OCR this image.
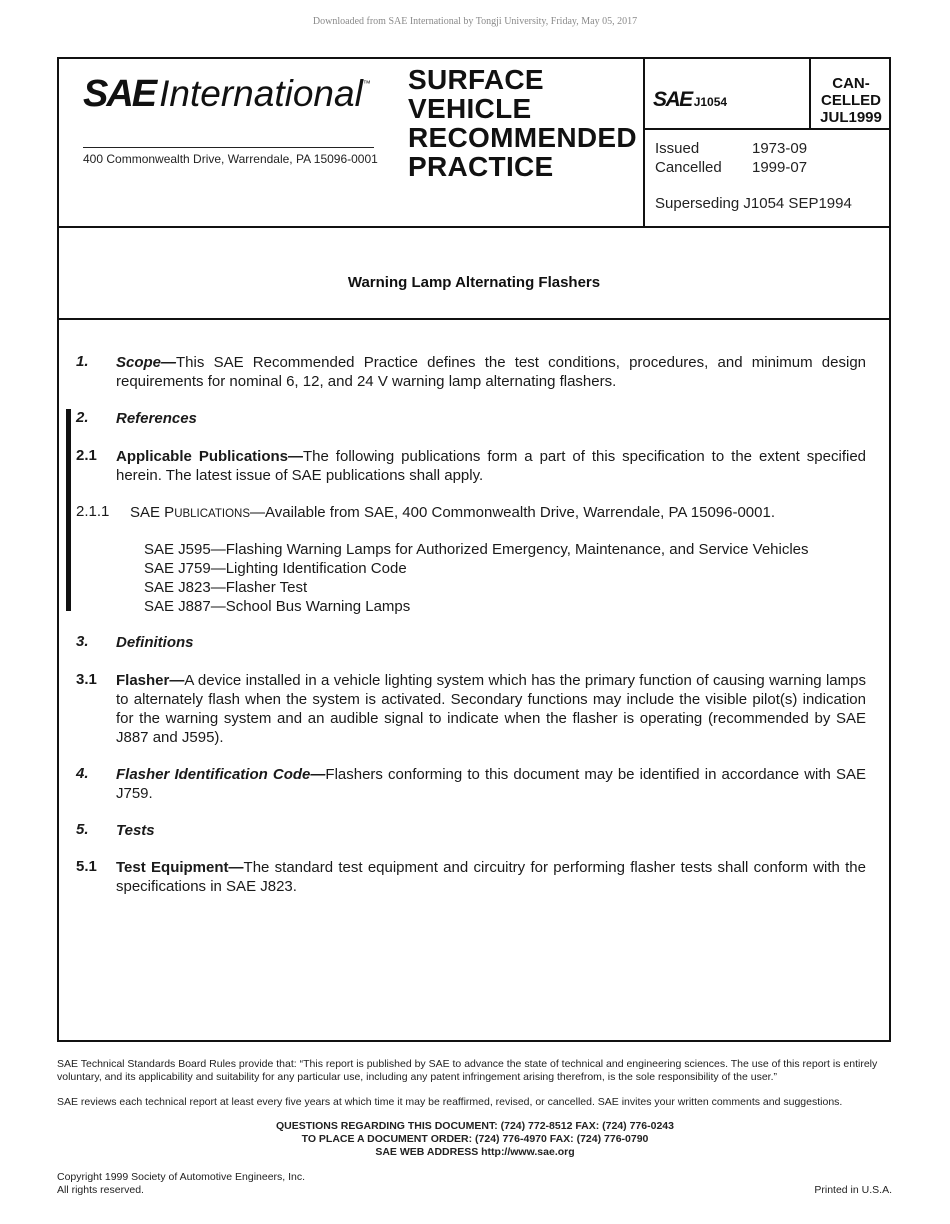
Downloaded from SAE International by Tongji University, Friday, May 05, 2017
SAE International™
400 Commonwealth Drive, Warrendale, PA 15096-0001
SURFACE
VEHICLE
RECOMMENDED
PRACTICE
SAE J1054
CAN-
CELLED
JUL1999
Issued	1973-09
Cancelled 1999-07
Superseding J1054 SEP1994
Warning Lamp Alternating Flashers
1. Scope—This SAE Recommended Practice defines the test conditions, procedures, and minimum design requirements for nominal 6, 12, and 24 V warning lamp alternating flashers.
2. References
2.1 Applicable Publications—The following publications form a part of this specification to the extent specified herein. The latest issue of SAE publications shall apply.
2.1.1 SAE PUBLICATIONS—Available from SAE, 400 Commonwealth Drive, Warrendale, PA 15096-0001.
SAE J595—Flashing Warning Lamps for Authorized Emergency, Maintenance, and Service Vehicles
SAE J759—Lighting Identification Code
SAE J823—Flasher Test
SAE J887—School Bus Warning Lamps
3. Definitions
3.1 Flasher—A device installed in a vehicle lighting system which has the primary function of causing warning lamps to alternately flash when the system is activated. Secondary functions may include the visible pilot(s) indication for the warning system and an audible signal to indicate when the flasher is operating (recommended by SAE J887 and J595).
4. Flasher Identification Code—Flashers conforming to this document may be identified in accordance with SAE J759.
5. Tests
5.1 Test Equipment—The standard test equipment and circuitry for performing flasher tests shall conform with the specifications in SAE J823.
SAE Technical Standards Board Rules provide that: “This report is published by SAE to advance the state of technical and engineering sciences. The use of this report is entirely voluntary, and its applicability and suitability for any particular use, including any patent infringement arising therefrom, is the sole responsibility of the user.”
SAE reviews each technical report at least every five years at which time it may be reaffirmed, revised, or cancelled. SAE invites your written comments and suggestions.
QUESTIONS REGARDING THIS DOCUMENT: (724) 772-8512 FAX: (724) 776-0243
TO PLACE A DOCUMENT ORDER: (724) 776-4970 FAX: (724) 776-0790
SAE WEB ADDRESS http://www.sae.org
Copyright 1999 Society of Automotive Engineers, Inc.
All rights reserved.	Printed in U.S.A.
